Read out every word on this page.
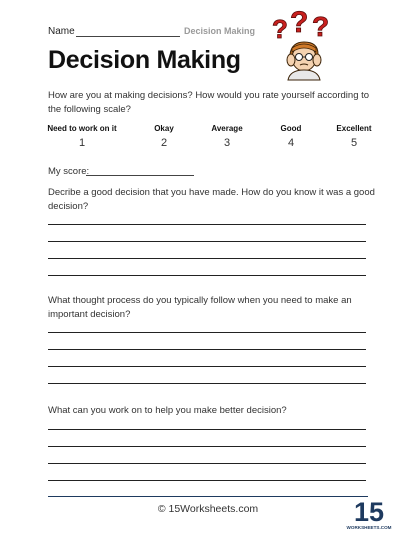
Name	Decision Making ? ? ?
Decision Making
How are you at making decisions? How would you rate yourself according to the following scale?
Need to work on it
1
Okay
2
Average
3
Good
4
Excellent
5
My score:
Decribe a good decision that you have made. How do you know it was a good decision?
What thought process do you typically follow when you need to make an important decision?
What can you work on to help you make better decision?
© 15Worksheets.com	15
WORKSHEETS.COM
